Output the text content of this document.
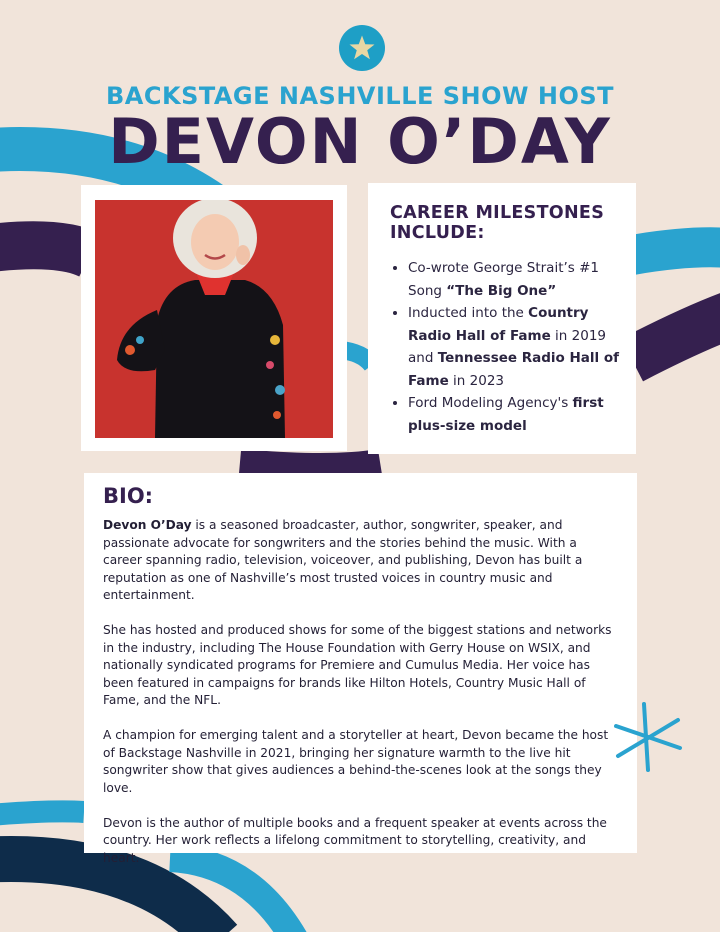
BACKSTAGE NASHVILLE SHOW HOST
DEVON O’DAY
CAREER MILESTONES
INCLUDE:
• Co-wrote George Strait’s #1 Song “The Big One”
• Inducted into the Country Radio Hall of Fame in 2019 and Tennessee Radio Hall of Fame in 2023
• Ford Modeling Agency's first plus-size model
BIO:

Devon O’Day is a seasoned broadcaster, author, songwriter, speaker, and passionate advocate for songwriters and the stories behind the music. With a career spanning radio, television, voiceover, and publishing, Devon has built a reputation as one of Nashville’s most trusted voices in country music and entertainment.

She has hosted and produced shows for some of the biggest stations and networks in the industry, including The House Foundation with Gerry House on WSIX, and nationally syndicated programs for Premiere and Cumulus Media. Her voice has been featured in campaigns for brands like Hilton Hotels, Country Music Hall of Fame, and the NFL.

A champion for emerging talent and a storyteller at heart, Devon became the host of Backstage Nashville in 2021, bringing her signature warmth to the live hit songwriter show that gives audiences a behind-the-scenes look at the songs they love.

Devon is the author of multiple books and a frequent speaker at events across the country. Her work reflects a lifelong commitment to storytelling, creativity, and heart.
